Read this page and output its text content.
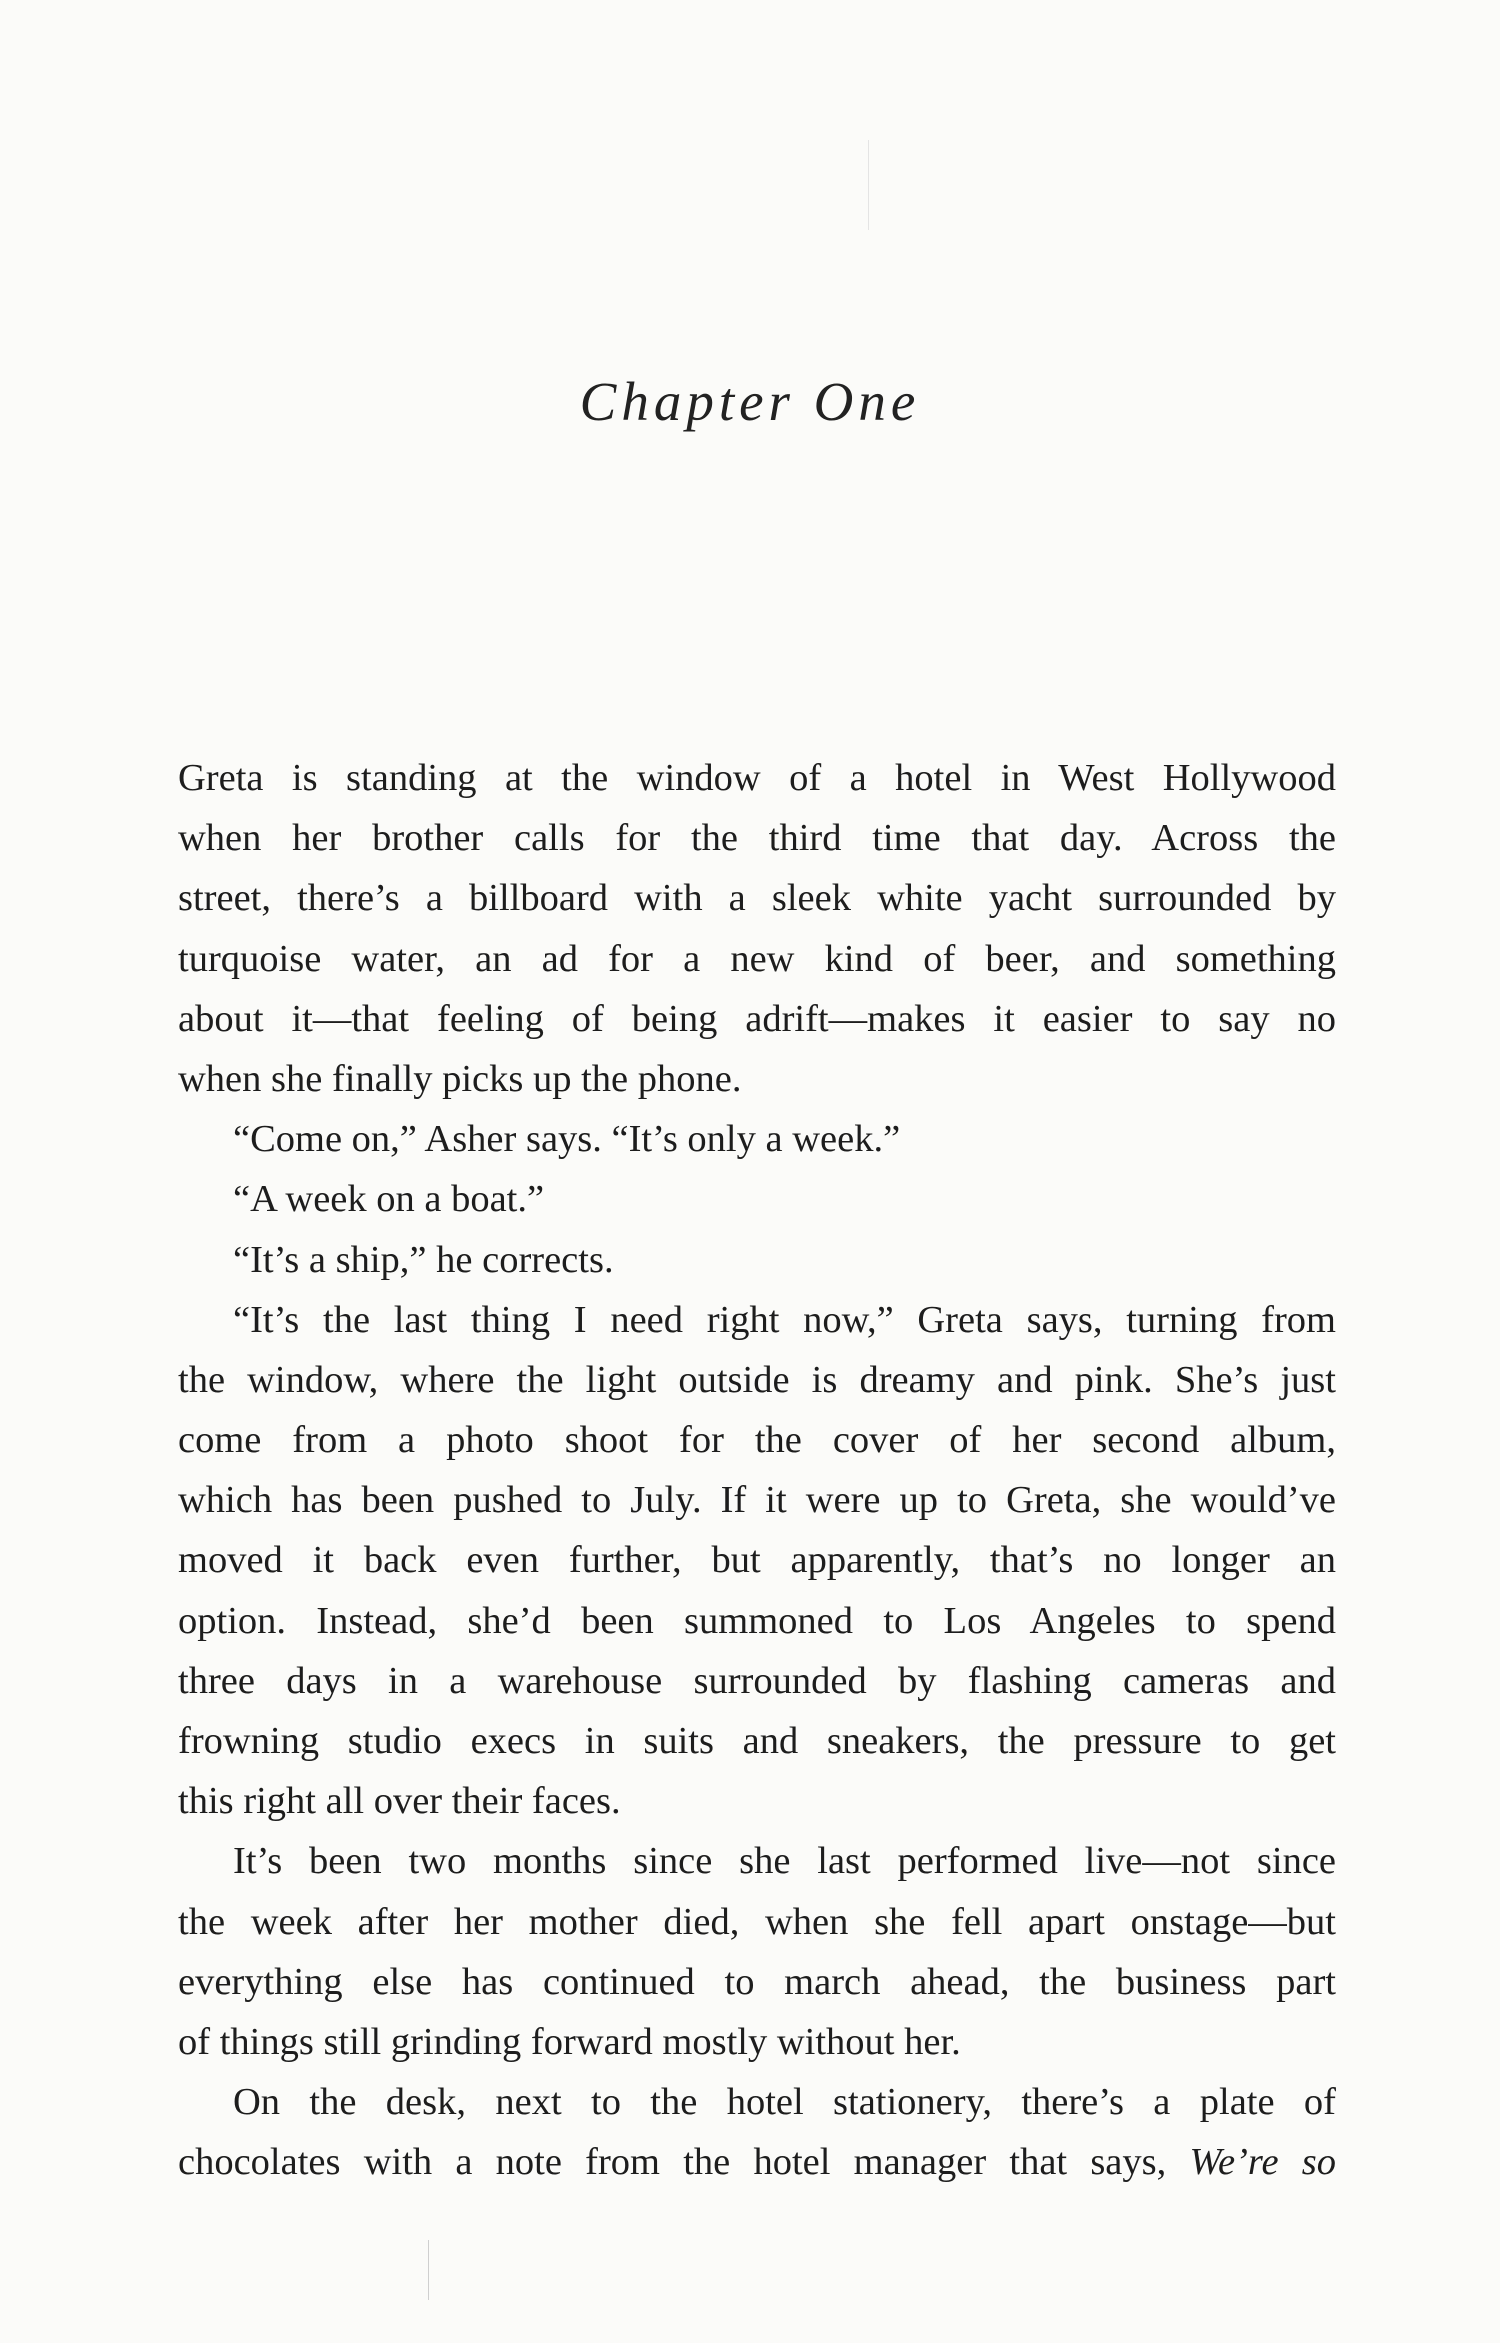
Chapter One
Greta is standing at the window of a hotel in West Hollywood
when her brother calls for the third time that day. Across the
street, there’s a billboard with a sleek white yacht surrounded by
turquoise water, an ad for a new kind of beer, and something
about it—that feeling of being adrift—makes it easier to say no
when she finally picks up the phone.
“Come on,” Asher says. “It’s only a week.”
“A week on a boat.”
“It’s a ship,” he corrects.
“It’s the last thing I need right now,” Greta says, turning from
the window, where the light outside is dreamy and pink. She’s just
come from a photo shoot for the cover of her second album,
which has been pushed to July. If it were up to Greta, she would’ve
moved it back even further, but apparently, that’s no longer an
option. Instead, she’d been summoned to Los Angeles to spend
three days in a warehouse surrounded by flashing cameras and
frowning studio execs in suits and sneakers, the pressure to get
this right all over their faces.
It’s been two months since she last performed live—not since
the week after her mother died, when she fell apart onstage—but
everything else has continued to march ahead, the business part
of things still grinding forward mostly without her.
On the desk, next to the hotel stationery, there’s a plate of
chocolates with a note from the hotel manager that says, We’re so
